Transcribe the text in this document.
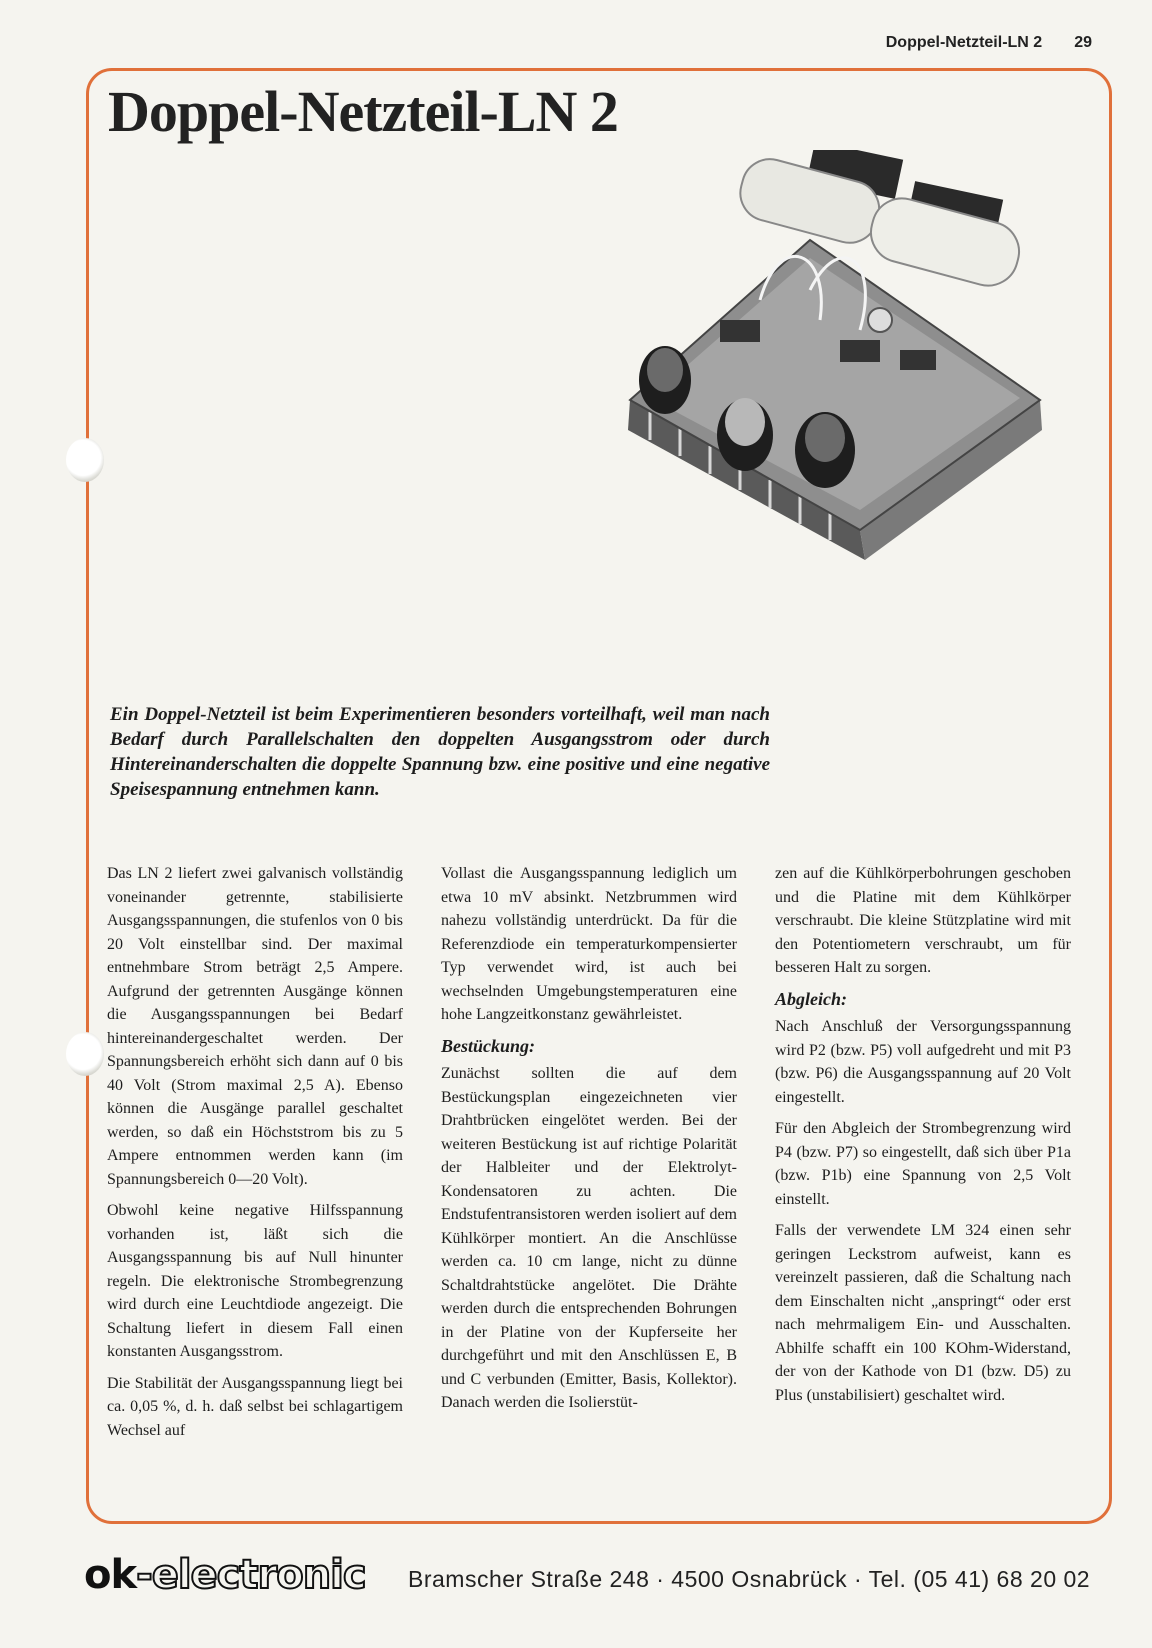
Doppel-Netzteil-LN 2 29
Doppel-Netzteil-LN 2

Ein Doppel-Netzteil ist beim Experimentieren besonders vorteilhaft, weil man nach Bedarf durch Parallelschalten den doppelten Ausgangsstrom oder durch Hintereinanderschalten die doppelte Spannung bzw. eine positive und eine negative Speisespannung entnehmen kann.

Das LN 2 liefert zwei galvanisch vollständig voneinander getrennte, stabilisierte Ausgangsspannungen, die stufenlos von 0 bis 20 Volt einstellbar sind. Der maximal entnehmbare Strom beträgt 2,5 Ampere. Aufgrund der getrennten Ausgänge können die Ausgangsspannungen bei Bedarf hintereinandergeschaltet werden. Der Spannungsbereich erhöht sich dann auf 0 bis 40 Volt (Strom maximal 2,5 A). Ebenso können die Ausgänge parallel geschaltet werden, so daß ein Höchststrom bis zu 5 Ampere entnommen werden kann (im Spannungsbereich 0—20 Volt).

Obwohl keine negative Hilfsspannung vorhanden ist, läßt sich die Ausgangsspannung bis auf Null hinunter regeln. Die elektronische Strombegrenzung wird durch eine Leuchtdiode angezeigt. Die Schaltung liefert in diesem Fall einen konstanten Ausgangsstrom.

Die Stabilität der Ausgangsspannung liegt bei ca. 0,05 %, d. h. daß selbst bei schlagartigem Wechsel auf

Vollast die Ausgangsspannung lediglich um etwa 10 mV absinkt. Netzbrummen wird nahezu vollständig unterdrückt. Da für die Referenzdiode ein temperaturkompensierter Typ verwendet wird, ist auch bei wechselnden Umgebungstemperaturen eine hohe Langzeitkonstanz gewährleistet.

Bestückung:

Zunächst sollten die auf dem Bestückungsplan eingezeichneten vier Drahtbrücken eingelötet werden. Bei der weiteren Bestückung ist auf richtige Polarität der Halbleiter und der Elektrolyt-Kondensatoren zu achten. Die Endstufentransistoren werden isoliert auf dem Kühlkörper montiert. An die Anschlüsse werden ca. 10 cm lange, nicht zu dünne Schaltdrahtstücke angelötet. Die Drähte werden durch die entsprechenden Bohrungen in der Platine von der Kupferseite her durchgeführt und mit den Anschlüssen E, B und C verbunden (Emitter, Basis, Kollektor). Danach werden die Isolierstüt-

zen auf die Kühlkörperbohrungen geschoben und die Platine mit dem Kühlkörper verschraubt. Die kleine Stützplatine wird mit den Potentiometern verschraubt, um für besseren Halt zu sorgen.

Abgleich:

Nach Anschluß der Versorgungsspannung wird P2 (bzw. P5) voll aufgedreht und mit P3 (bzw. P6) die Ausgangsspannung auf 20 Volt eingestellt.

Für den Abgleich der Strombegrenzung wird P4 (bzw. P7) so eingestellt, daß sich über P1a (bzw. P1b) eine Spannung von 2,5 Volt einstellt.

Falls der verwendete LM 324 einen sehr geringen Leckstrom aufweist, kann es vereinzelt passieren, daß die Schaltung nach dem Einschalten nicht „anspringt“ oder erst nach mehrmaligem Ein- und Ausschalten. Abhilfe schafft ein 100 KOhm-Widerstand, der von der Kathode von D1 (bzw. D5) zu Plus (unstabilisiert) geschaltet wird.

ok -electronic Bramscher Straße 248 · 4500 Osnabrück · Tel. (05 41) 68 20 02
